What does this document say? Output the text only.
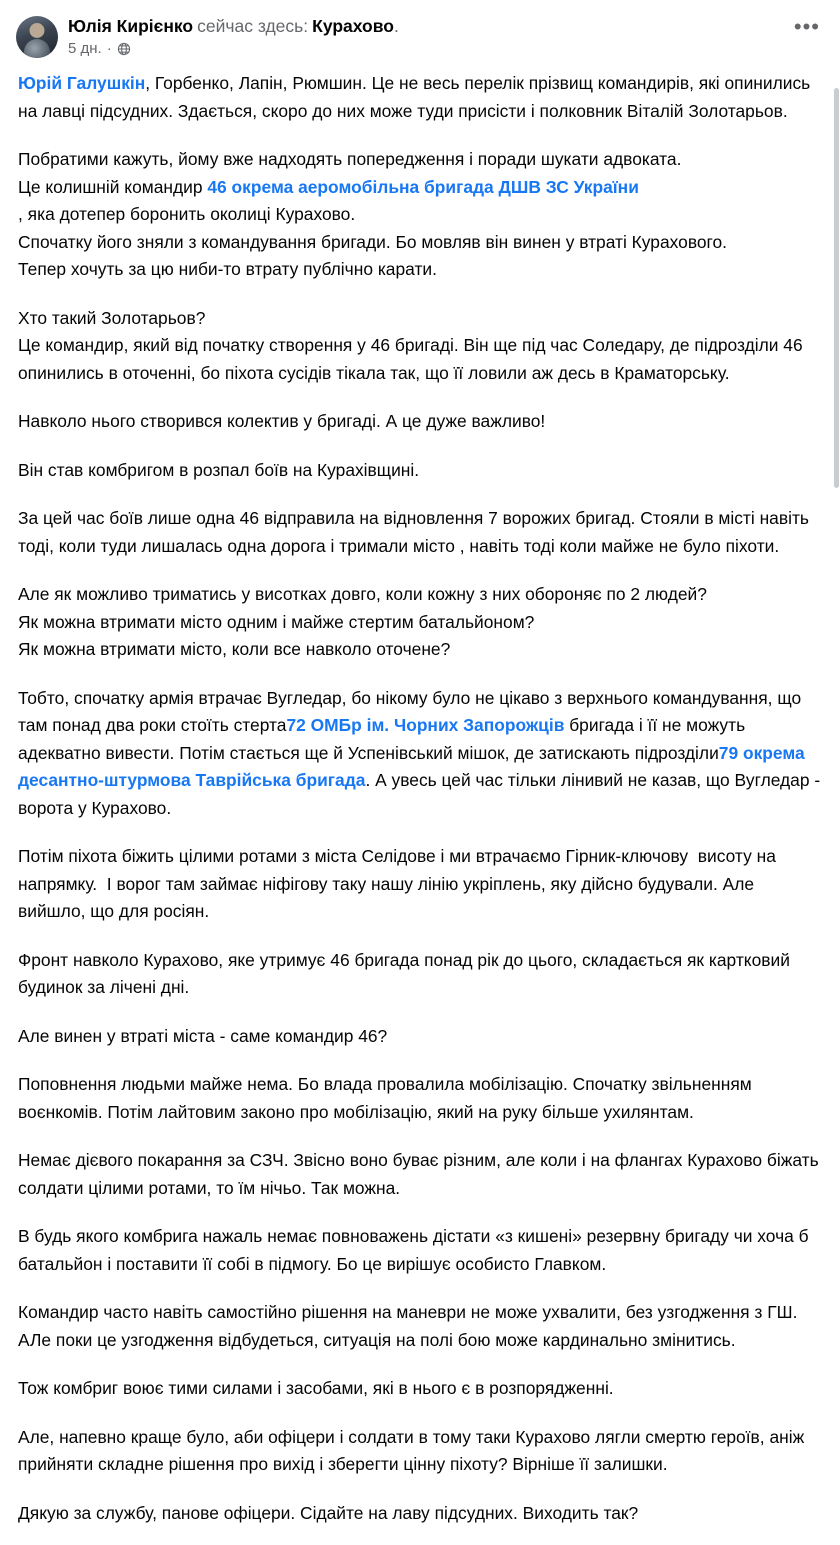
Юлія Кирієнко сейчас здесь: Курахово.
5 дн. ·
•••

Юрій Галушкін, Горбенко, Лапін, Рюмшин. Це не весь перелік прізвищ командирів, які опинились на лавці підсудних. Здається, скоро до них може туди присісти і полковник Віталій Золотарьов.

Побратими кажуть, йому вже надходять попередження і поради шукати адвоката.
Це колишній командир 46 окрема аеромобільна бригада ДШВ ЗС України
, яка дотепер боронить околиці Курахово.
Спочатку його зняли з командування бригади. Бо мовляв він винен у втраті Курахового.
Тепер хочуть за цю ниби-то втрату публічно карати.

Хто такий Золотарьов?
Це командир, який від початку створення у 46 бригаді. Він ще під час Соледару, де підрозділи 46 опинились в оточенні, бо піхота сусідів тікала так, що її ловили аж десь в Краматорську.

Навколо нього створився колектив у бригаді. А це дуже важливо!

Він став комбригом в розпал боїв на Курахівщині.

За цей час боїв лише одна 46 відправила на відновлення 7 ворожих бригад. Стояли в місті навіть тоді, коли туди лишалась одна дорога і тримали місто , навіть тоді коли майже не було піхоти.

Але як можливо триматись у висотках довго, коли кожну з них обороняє по 2 людей?
Як можна втримати місто одним і майже стертим батальйоном?
Як можна втримати місто, коли все навколо оточене?

Тобто, спочатку армія втрачає Вугледар, бо нікому було не цікаво з верхнього командування, що там понад два роки стоїть стерта72 ОМБр ім. Чорних Запорожців бригада і її не можуть адекватно вивести. Потім стається ще й Успенівський мішок, де затискають підрозділи79 окрема десантно-штурмова Таврійська бригада. А увесь цей час тільки лінивий не казав, що Вугледар - ворота у Курахово.

Потім піхота біжить цілими ротами з міста Селідове і ми втрачаємо Гірник-ключову  висоту на напрямку.  І ворог там займає ніфігову таку нашу лінію укріплень, яку дійсно будували. Але вийшло, що для росіян.

Фронт навколо Курахово, яке утримує 46 бригада понад рік до цього, складається як картковий будинок за лічені дні.

Але винен у втраті міста - саме командир 46?

Поповнення людьми майже нема. Бо влада провалила мобілізацію. Спочатку звільненням воєнкомів. Потім лайтовим законо про мобілізацію, який на руку більше ухилянтам.

Немає дієвого покарання за СЗЧ. Звісно воно буває різним, але коли і на флангах Курахово біжать солдати цілими ротами, то їм нічьо. Так можна.

В будь якого комбрига нажаль немає повноважень дістати «з кишені» резервну бригаду чи хоча б батальйон і поставити її собі в підмогу. Бо це вирішує особисто Главком.

Командир часто навіть самостійно рішення на маневри не може ухвалити, без узгодження з ГШ. АЛе поки це узгодження відбудеться, ситуація на полі бою може кардинально змінитись.

Тож комбриг воює тими силами і засобами, які в нього є в розпорядженні.

Але, напевно краще було, аби офіцери і солдати в тому таки Курахово лягли смертю героїв, аніж прийняти складне рішення про вихід і зберегти цінну піхоту? Вірніше її залишки.

Дякую за службу, панове офіцери. Сідайте на лаву підсудних. Виходить так?
